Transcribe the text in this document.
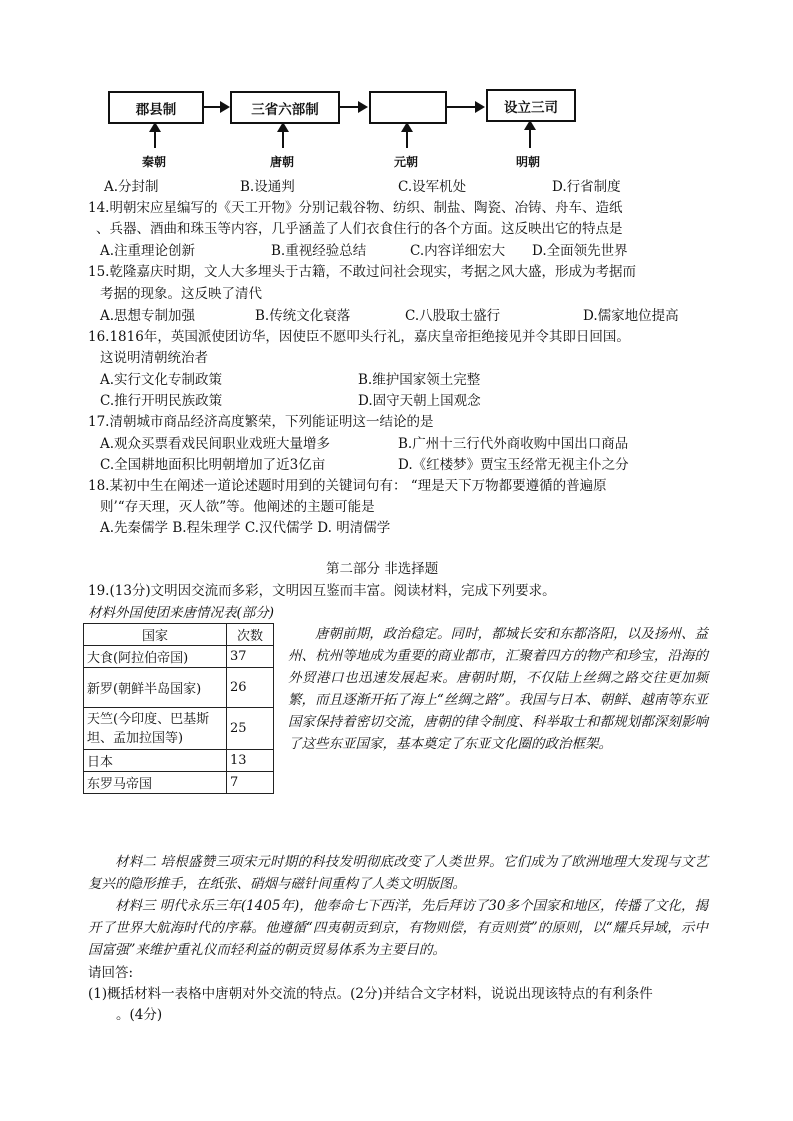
郡县制	三省六部制	设立三司
秦朝	唐朝	元朝	明朝
A.分封制	B.设通判	C.设军机处	D.行省制度
14.明朝宋应星编写的《天工开物》分别记载谷物、纺织、制盐、陶瓷、冶铸、舟车、造纸
、兵器、酒曲和珠玉等内容，几乎涵盖了人们衣食住行的各个方面。这反映出它的特点是
A.注重理论创新	B.重视经验总结	C.内容详细宏大 D.全面领先世界
15.乾隆嘉庆时期，文人大多埋头于古籍，不敢过问社会现实，考据之风大盛，形成为考据而
考据的现象。这反映了清代
A.思想专制加强	B.传统文化衰落	C.八股取士盛行	D.儒家地位提高
16.1816年，英国派使团访华，因使臣不愿叩头行礼，嘉庆皇帝拒绝接见并令其即日回国。
这说明清朝统治者
A.实行文化专制政策	B.维护国家领土完整
C.推行开明民族政策	D.固守天朝上国观念
17.清朝城市商品经济高度繁荣，下列能证明这一结论的是
A.观众买票看戏民间职业戏班大量增多	B.广州十三行代外商收购中国出口商品
C.全国耕地面积比明朝增加了近3亿亩	D.《红楼梦》贾宝玉经常无视主仆之分
18.某初中生在阐述一道论述题时用到的关键词句有： “理是天下万物都要遵循的普遍原
则’“存天理，灭人欲”等。他阐述的主题可能是
A.先秦儒学 B.程朱理学 C.汉代儒学 D. 明清儒学
第二部分 非选择题
19.(13分)文明因交流而多彩，文明因互鉴而丰富。阅读材料，完成下列要求。
材料外国使团来唐情况表(部分)
国家	次数
大食(阿拉伯帝国)	37
新罗(朝鲜半岛国家)	26
天竺(今印度、巴基斯坦、孟加拉国等)	25
日本	13
东罗马帝国	7
唐朝前期，政治稳定。同时，都城长安和东都洛阳，以及扬州、益州、杭州等地成为重要的商业都市，汇聚着四方的物产和珍宝，沿海的外贸港口也迅速发展起来。唐朝时期，不仅陆上丝绸之路交往更加频繁，而且逐渐开拓了海上“丝绸之路”。我国与日本、朝鲜、越南等东亚国家保持着密切交流，唐朝的律令制度、科举取士和都规划都深刻影响了这些东亚国家，基本奠定了东亚文化圈的政治框架。
材料二 培根盛赞三项宋元时期的科技发明彻底改变了人类世界。它们成为了欧洲地理大发现与文艺复兴的隐形推手，在纸张、硝烟与磁针间重构了人类文明版图。
材料三 明代永乐三年(1405年)，他奉命七下西洋，先后拜访了30多个国家和地区，传播了文化，揭开了世界大航海时代的序幕。他遵循“四夷朝贡到京，有物则偿，有贡则赏”的原则，以“耀兵异域，示中国富强”来维护重礼仪而轻利益的朝贡贸易体系为主要目的。
请回答:
(1)概括材料一表格中唐朝对外交流的特点。(2分)并结合文字材料，说说出现该特点的有利条件
。(4分)
